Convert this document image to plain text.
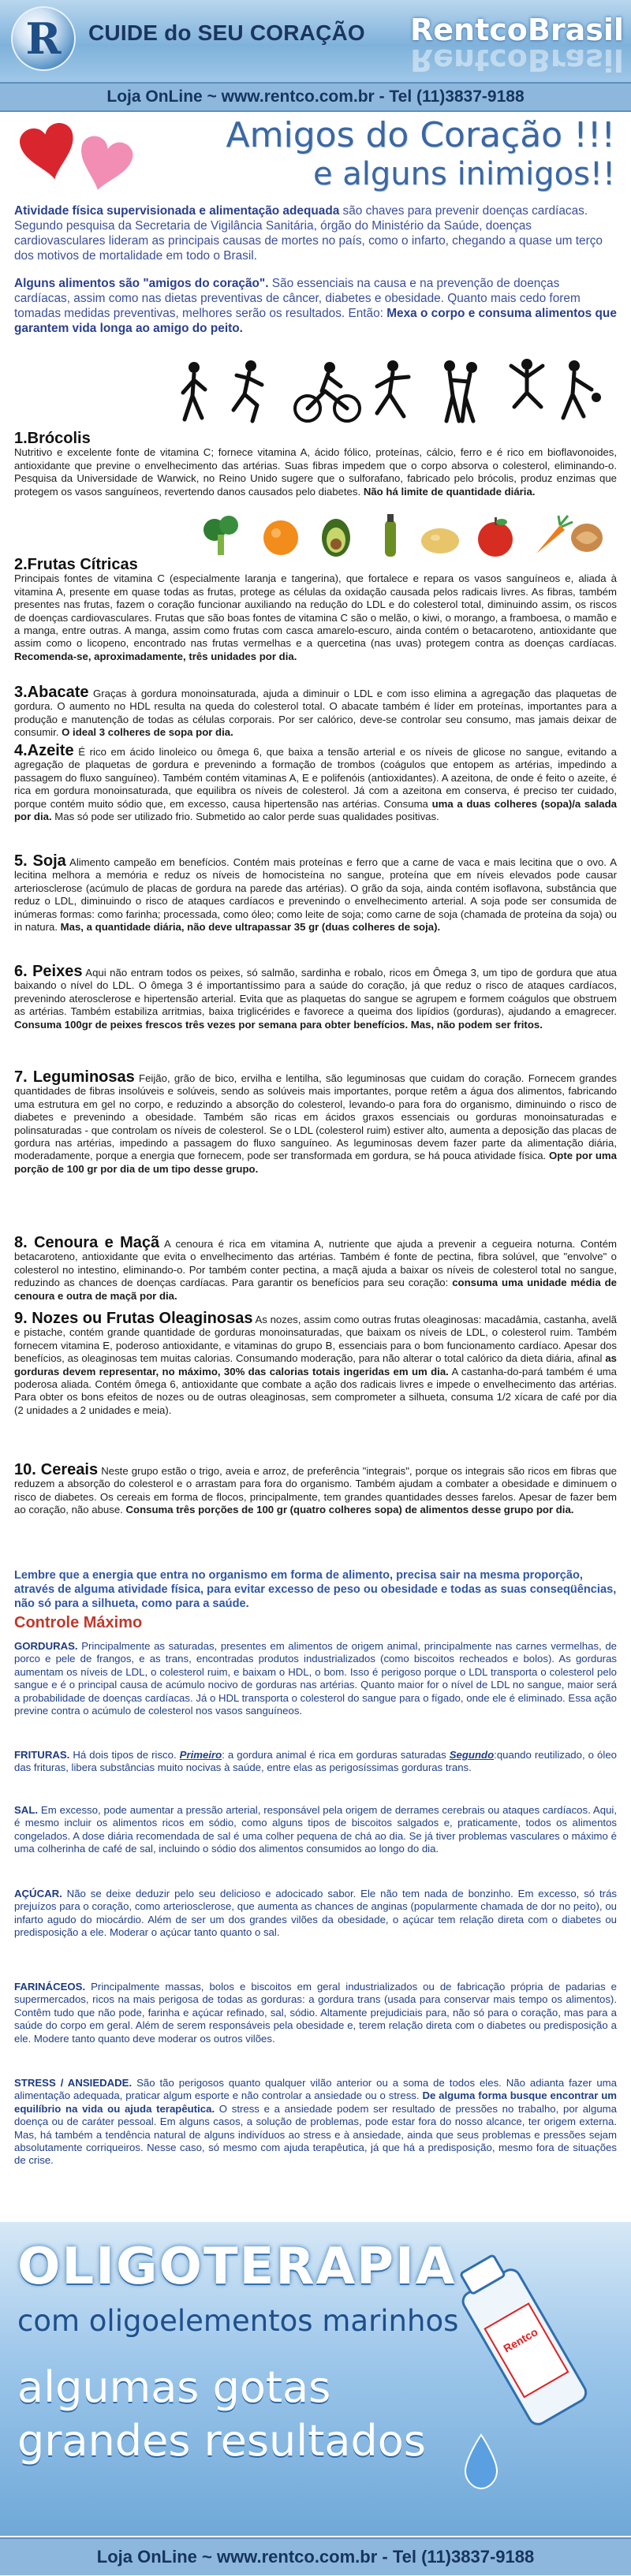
R	CUIDE do SEU CORAÇÃO RentcoBrasil
RentcoBrasil
Loja OnLine ~ www.rentco.com.br - Tel (11)3837-9188
Amigos do Coração !!!
e alguns inimigos!!
Atividade física supervisionada e alimentação adequada são chaves para prevenir doenças cardíacas. Segundo pesquisa da Secretaria de Vigilância Sanitária, órgão do Ministério da Saúde, doenças cardiovasculares lideram as principais causas de mortes no país, como o infarto, chegando a quase um terço dos motivos de mortalidade em todo o Brasil.
Alguns alimentos são "amigos do coração". São essenciais na causa e na prevenção de doenças cardíacas, assim como nas dietas preventivas de câncer, diabetes e obesidade. Quanto mais cedo forem tomadas medidas preventivas, melhores serão os resultados. Então: Mexa o corpo e consuma alimentos que garantem vida longa ao amigo do peito.
1.Brócolis
Nutritivo e excelente fonte de vitamina C; fornece vitamina A, ácido fólico, proteínas, cálcio, ferro e é rico em bioflavonoides, antioxidante que previne o envelhecimento das artérias. Suas fibras impedem que o corpo absorva o colesterol, eliminando-o. Pesquisa da Universidade de Warwick, no Reino Unido sugere que o sulforafano, fabricado pelo brócolis, produz enzimas que protegem os vasos sanguíneos, revertendo danos causados pelo diabetes. Não há limite de quantidade diária.
2.Frutas Cítricas
Principais fontes de vitamina C (especialmente laranja e tangerina), que fortalece e repara os vasos sanguíneos e, aliada à vitamina A, presente em quase todas as frutas, protege as células da oxidação causada pelos radicais livres. As fibras, também presentes nas frutas, fazem o coração funcionar auxiliando na redução do LDL e do colesterol total, diminuindo assim, os riscos de doenças cardiovasculares. Frutas que são boas fontes de vitamina C são o melão, o kiwi, o morango, a framboesa, o mamão e a manga, entre outras. A manga, assim como frutas com casca amarelo-escuro, ainda contém o betacaroteno, antioxidante que assim como o licopeno, encontrado nas frutas vermelhas e a quercetina (nas uvas) protegem contra as doenças cardíacas. Recomenda-se, aproximadamente, três unidades por dia.
3.Abacate Graças à gordura monoinsaturada, ajuda a diminuir o LDL e com isso elimina a agregação das plaquetas de gordura. O aumento no HDL resulta na queda do colesterol total. O abacate também é líder em proteínas, importantes para a produção e manutenção de todas as células corporais. Por ser calórico, deve-se controlar seu consumo, mas jamais deixar de consumir. O ideal 3 colheres de sopa por dia.
4.Azeite É rico em ácido linoleico ou ômega 6, que baixa a tensão arterial e os níveis de glicose no sangue, evitando a agregação de plaquetas de gordura e prevenindo a formação de trombos (coágulos que entopem as artérias, impedindo a passagem do fluxo sanguíneo). Também contém vitaminas A, E e polifenóis (antioxidantes). A azeitona, de onde é feito o azeite, é rica em gordura monoinsaturada, que equilibra os níveis de colesterol. Já com a azeitona em conserva, é preciso ter cuidado, porque contém muito sódio que, em excesso, causa hipertensão nas artérias. Consuma uma a duas colheres (sopa)/a salada por dia. Mas só pode ser utilizado frio. Submetido ao calor perde suas qualidades positivas.
5. Soja Alimento campeão em benefícios. Contém mais proteínas e ferro que a carne de vaca e mais lecitina que o ovo. A lecitina melhora a memória e reduz os níveis de homocisteína no sangue, proteína que em níveis elevados pode causar arteriosclerose (acúmulo de placas de gordura na parede das artérias). O grão da soja, ainda contém isoflavona, substância que reduz o LDL, diminuindo o risco de ataques cardíacos e prevenindo o envelhecimento arterial. A soja pode ser consumida de inúmeras formas: como farinha; processada, como óleo; como leite de soja; como carne de soja (chamada de proteína da soja) ou in natura. Mas, a quantidade diária, não deve ultrapassar 35 gr (duas colheres de soja).
6. Peixes Aqui não entram todos os peixes, só salmão, sardinha e robalo, ricos em Ômega 3, um tipo de gordura que atua baixando o nível do LDL. O ômega 3 é importantíssimo para a saúde do coração, já que reduz o risco de ataques cardíacos, prevenindo aterosclerose e hipertensão arterial. Evita que as plaquetas do sangue se agrupem e formem coágulos que obstruem as artérias. Também estabiliza arritmias, baixa triglicérides e favorece a queima dos lipídios (gorduras), ajudando a emagrecer. Consuma 100gr de peixes frescos três vezes por semana para obter benefícios. Mas, não podem ser fritos.
7. Leguminosas Feijão, grão de bico, ervilha e lentilha, são leguminosas que cuidam do coração. Fornecem grandes quantidades de fibras insolúveis e solúveis, sendo as solúveis mais importantes, porque retêm a água dos alimentos, fabricando uma estrutura em gel no corpo, e reduzindo a absorção do colesterol, levando-o para fora do organismo, diminuindo o risco de diabetes e prevenindo a obesidade. Também são ricas em ácidos graxos essenciais ou gorduras monoinsaturadas e polinsaturadas - que controlam os níveis de colesterol. Se o LDL (colesterol ruim) estiver alto, aumenta a deposição das placas de gordura nas artérias, impedindo a passagem do fluxo sanguíneo. As leguminosas devem fazer parte da alimentação diária, moderadamente, porque a energia que fornecem, pode ser transformada em gordura, se há pouca atividade física. Opte por uma porção de 100 gr por dia de um tipo desse grupo.
8. Cenoura e Maçã A cenoura é rica em vitamina A, nutriente que ajuda a prevenir a cegueira noturna. Contém betacaroteno, antioxidante que evita o envelhecimento das artérias. Também é fonte de pectina, fibra solúvel, que "envolve" o colesterol no intestino, eliminando-o. Por também conter pectina, a maçã ajuda a baixar os níveis de colesterol total no sangue, reduzindo as chances de doenças cardíacas. Para garantir os benefícios para seu coração: consuma uma unidade média de cenoura e outra de maçã por dia.
9. Nozes ou Frutas Oleaginosas As nozes, assim como outras frutas oleaginosas: macadâmia, castanha, avelã e pistache, contém grande quantidade de gorduras monoinsaturadas, que baixam os níveis de LDL, o colesterol ruim. Também fornecem vitamina E, poderoso antioxidante, e vitaminas do grupo B, essenciais para o bom funcionamento cardíaco. Apesar dos benefícios, as oleaginosas tem muitas calorias. Consumando moderação, para não alterar o total calórico da dieta diária, afinal as gorduras devem representar, no máximo, 30% das calorias totais ingeridas em um dia. A castanha-do-pará também é uma poderosa aliada. Contém ômega 6, antioxidante que combate a ação dos radicais livres e impede o envelhecimento das artérias. Para obter os bons efeitos de nozes ou de outras oleaginosas, sem comprometer a silhueta, consuma 1/2 xícara de café por dia (2 unidades a 2 unidades e meia).
10. Cereais Neste grupo estão o trigo, aveia e arroz, de preferência "integrais", porque os integrais são ricos em fibras que reduzem a absorção do colesterol e o arrastam para fora do organismo. Também ajudam a combater a obesidade e diminuem o risco de diabetes. Os cereais em forma de flocos, principalmente, tem grandes quantidades desses farelos. Apesar de fazer bem ao coração, não abuse. Consuma três porções de 100 gr (quatro colheres sopa) de alimentos desse grupo por dia.
Lembre que a energia que entra no organismo em forma de alimento, precisa sair na mesma proporção, através de alguma atividade física, para evitar excesso de peso ou obesidade e todas as suas conseqüências, não só para a silhueta, como para a saúde.
Controle Máximo
GORDURAS. Principalmente as saturadas, presentes em alimentos de origem animal, principalmente nas carnes vermelhas, de porco e pele de frangos, e as trans, encontradas produtos industrializados (como biscoitos recheados e bolos). As gorduras aumentam os níveis de LDL, o colesterol ruim, e baixam o HDL, o bom. Isso é perigoso porque o LDL transporta o colesterol pelo sangue e é o principal causa de acúmulo nocivo de gorduras nas artérias. Quanto maior for o nível de LDL no sangue, maior será a probabilidade de doenças cardíacas. Já o HDL transporta o colesterol do sangue para o fígado, onde ele é eliminado. Essa ação previne contra o acúmulo de colesterol nos vasos sanguíneos.
FRITURAS. Há dois tipos de risco. Primeiro: a gordura animal é rica em gorduras saturadas Segundo:quando reutilizado, o óleo das frituras, libera substâncias muito nocivas à saúde, entre elas as perigosíssimas gorduras trans.
SAL. Em excesso, pode aumentar a pressão arterial, responsável pela origem de derrames cerebrais ou ataques cardíacos. Aqui, é mesmo incluir os alimentos ricos em sódio, como alguns tipos de biscoitos salgados e, praticamente, todos os alimentos congelados. A dose diária recomendada de sal é uma colher pequena de chá ao dia. Se já tiver problemas vasculares o máximo é uma colherinha de café de sal, incluindo o sódio dos alimentos consumidos ao longo do dia.
AÇÚCAR. Não se deixe deduzir pelo seu delicioso e adocicado sabor. Ele não tem nada de bonzinho. Em excesso, só trás prejuízos para o coração, como arteriosclerose, que aumenta as chances de anginas (popularmente chamada de dor no peito), ou infarto agudo do miocárdio. Além de ser um dos grandes vilões da obesidade, o açúcar tem relação direta com o diabetes ou predisposição a ele. Moderar o açúcar tanto quanto o sal.
FARINÁCEOS. Principalmente massas, bolos e biscoitos em geral industrializados ou de fabricação própria de padarias e supermercados, ricos na mais perigosa de todas as gorduras: a gordura trans (usada para conservar mais tempo os alimentos). Contêm tudo que não pode, farinha e açúcar refinado, sal, sódio. Altamente prejudiciais para, não só para o coração, mas para a saúde do corpo em geral. Além de serem responsáveis pela obesidade e, terem relação direta com o diabetes ou predisposição a ele. Modere tanto quanto deve moderar os outros vilões.
STRESS / ANSIEDADE. São tão perigosos quanto qualquer vilão anterior ou a soma de todos eles. Não adianta fazer uma alimentação adequada, praticar algum esporte e não controlar a ansiedade ou o stress. De alguma forma busque encontrar um equilíbrio na vida ou ajuda terapêutica. O stress e a ansiedade podem ser resultado de pressões no trabalho, por alguma doença ou de caráter pessoal. Em alguns casos, a solução de problemas, pode estar fora do nosso alcance, ter origem externa. Mas, há também a tendência natural de alguns indivíduos ao stress e à ansiedade, ainda que seus problemas e pressões sejam absolutamente corriqueiros. Nesse caso, só mesmo com ajuda terapêutica, já que há a predisposição, mesmo fora de situações de crise.
OLIGOTERAPIA
com oligoelementos marinhos
algumas gotas
grandes resultados
Rentco
Loja OnLine ~ www.rentco.com.br - Tel (11)3837-9188
